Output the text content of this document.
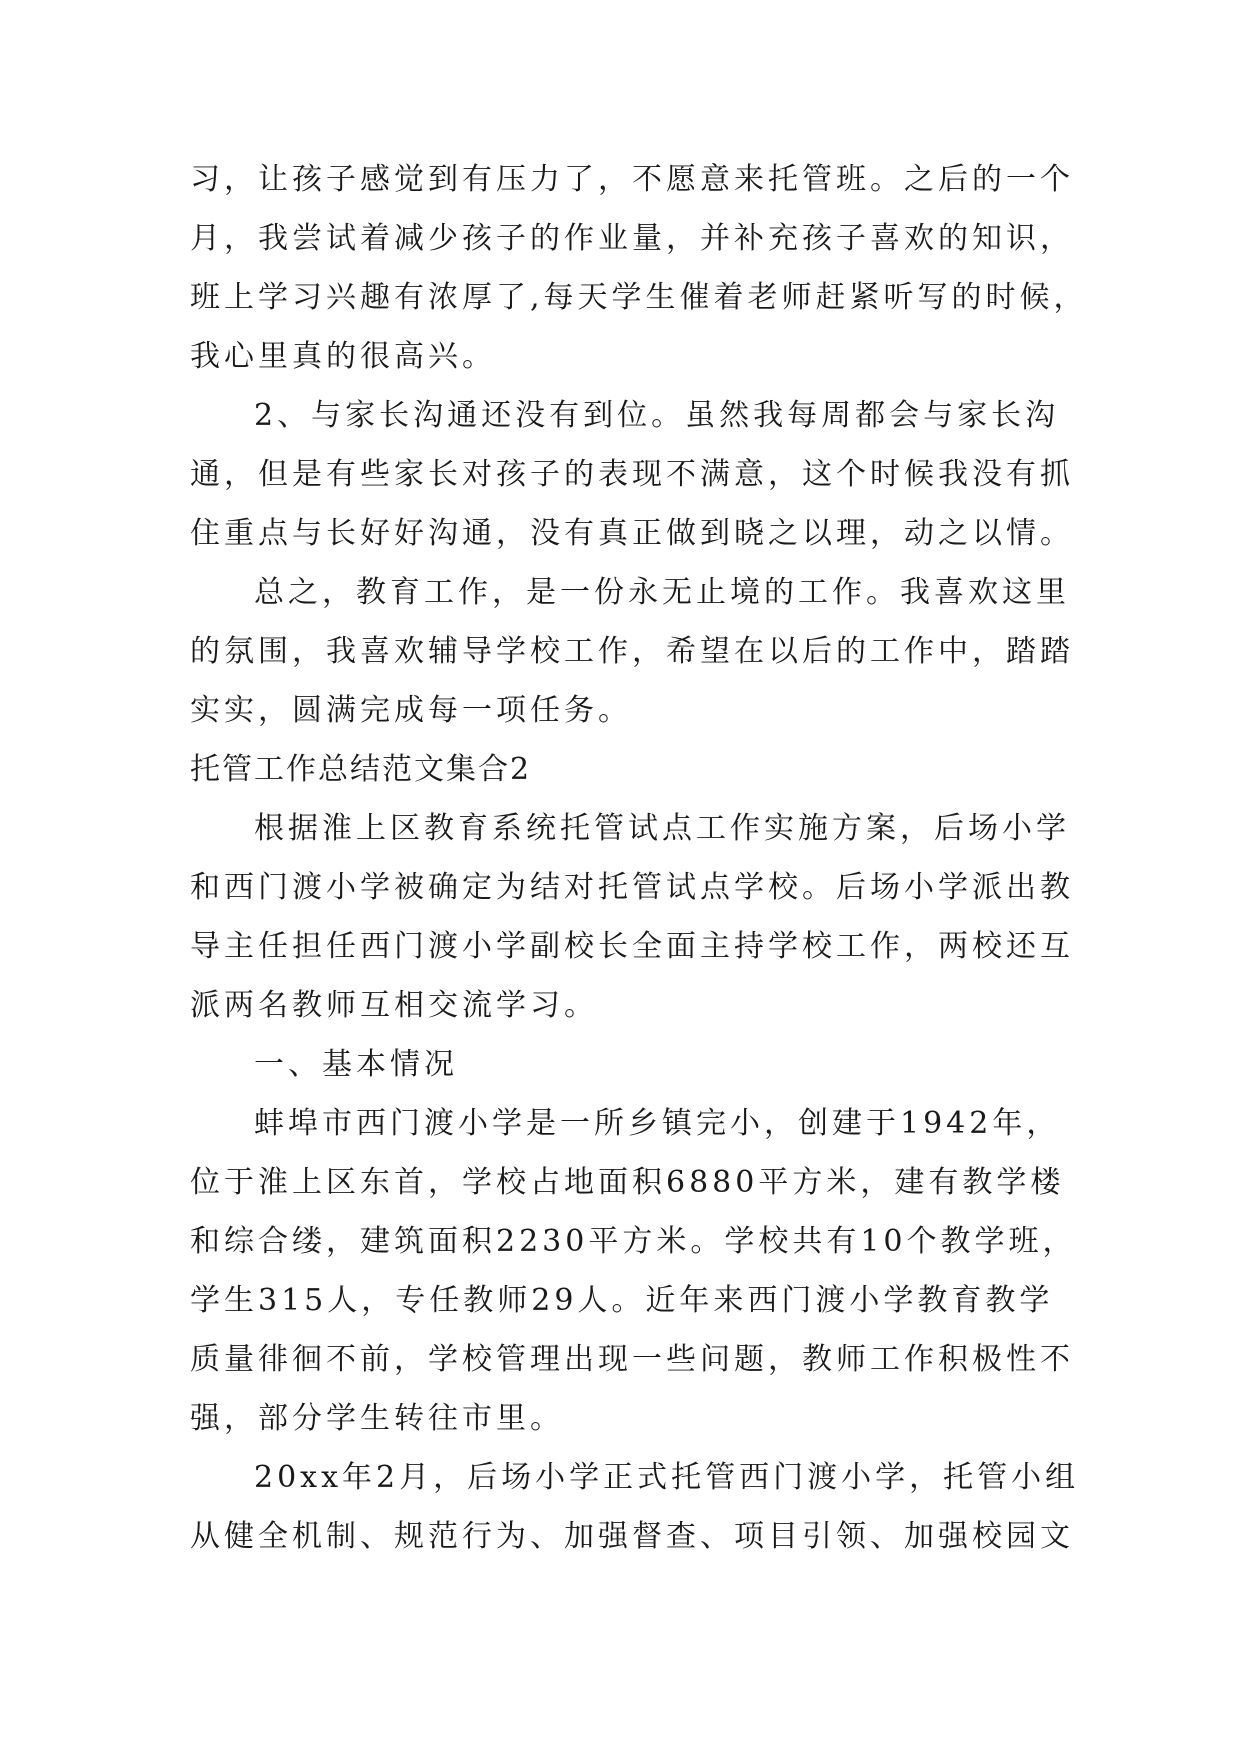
习，让孩子感觉到有压力了，不愿意来托管班。之后的一个
月，我尝试着减少孩子的作业量，并补充孩子喜欢的知识，
班上学习兴趣有浓厚了,每天学生催着老师赶紧听写的时候，
我心里真的很高兴。
2、与家长沟通还没有到位。虽然我每周都会与家长沟
通，但是有些家长对孩子的表现不满意，这个时候我没有抓
住重点与长好好沟通，没有真正做到晓之以理，动之以情。
总之，教育工作，是一份永无止境的工作。我喜欢这里
的氛围，我喜欢辅导学校工作，希望在以后的工作中，踏踏
实实，圆满完成每一项任务。
托管工作总结范文集合2
根据淮上区教育系统托管试点工作实施方案，后场小学
和西门渡小学被确定为结对托管试点学校。后场小学派出教
导主任担任西门渡小学副校长全面主持学校工作，两校还互
派两名教师互相交流学习。
一、基本情况
蚌埠市西门渡小学是一所乡镇完小，创建于1942年，
位于淮上区东首，学校占地面积6880平方米，建有教学楼
和综合缕，建筑面积2230平方米。学校共有10个教学班，
学生315人，专任教师29人。近年来西门渡小学教育教学
质量徘徊不前，学校管理出现一些问题，教师工作积极性不
强，部分学生转往市里。
20xx年2月，后场小学正式托管西门渡小学，托管小组
从健全机制、规范行为、加强督查、项目引领、加强校园文
